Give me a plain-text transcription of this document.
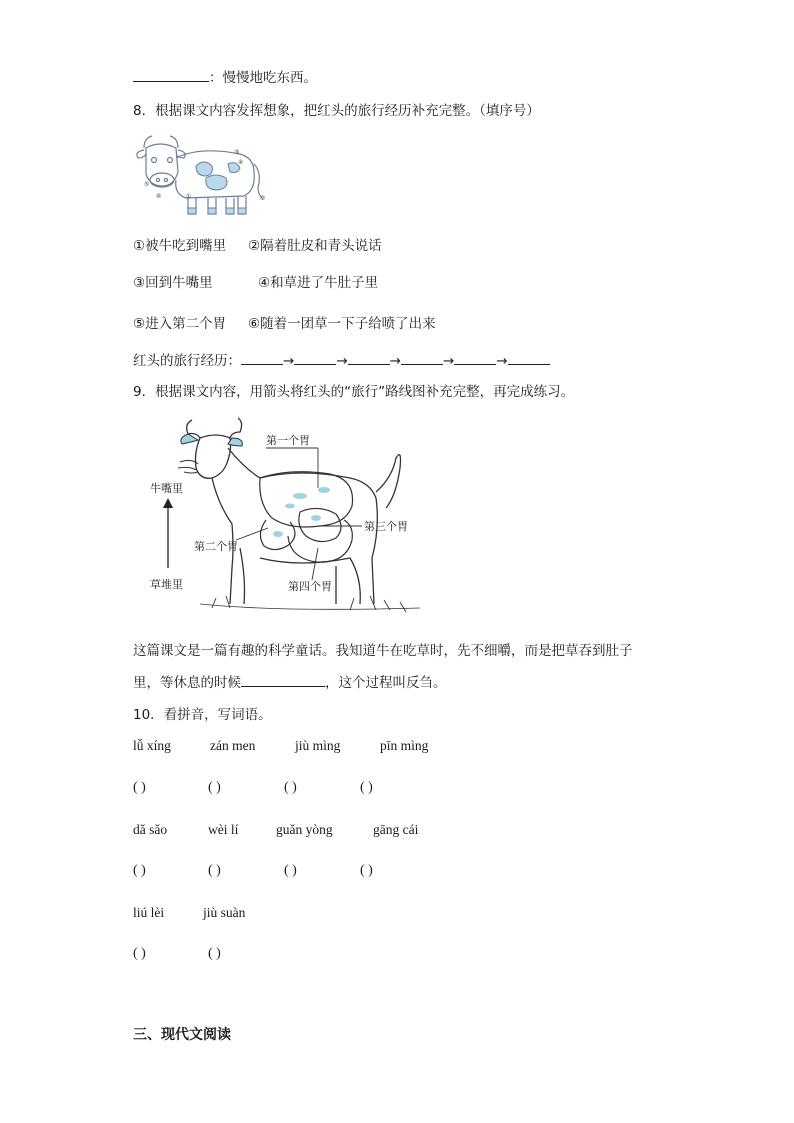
：慢慢地吃东西。
8．根据课文内容发挥想象，把红头的旅行经历补充完整。（填序号）
①	②
③
④
⑤
⑥
①被牛吃到嘴里 ②隔着肚皮和青头说话
③回到牛嘴里	④和草进了牛肚子里
⑤进入第二个胃 ⑥随着一团草一下子给喷了出来
红头的旅行经历：	→	→	→	→	→
9．根据课文内容，用箭头将红头的“旅行”路线图补充完整，再完成练习。
牛嘴里
草堆里
第一个胃
第三个胃
第二个胃
第四个胃
这篇课文是一篇有趣的科学童话。我知道牛在吃草时，先不细嚼，而是把草吞到肚子
里，等休息的时候	，这个过程叫反刍。
10．看拼音，写词语。
lǚ xíng	zán men	jiù mìng	pīn mìng
( )	( )	( )	( )
dǎ sǎo	wèi lí	guǎn yòng	gāng cái
( )	( )	( )	( )
liú lèi	jiù suàn
( )	( )
三、现代文阅读
